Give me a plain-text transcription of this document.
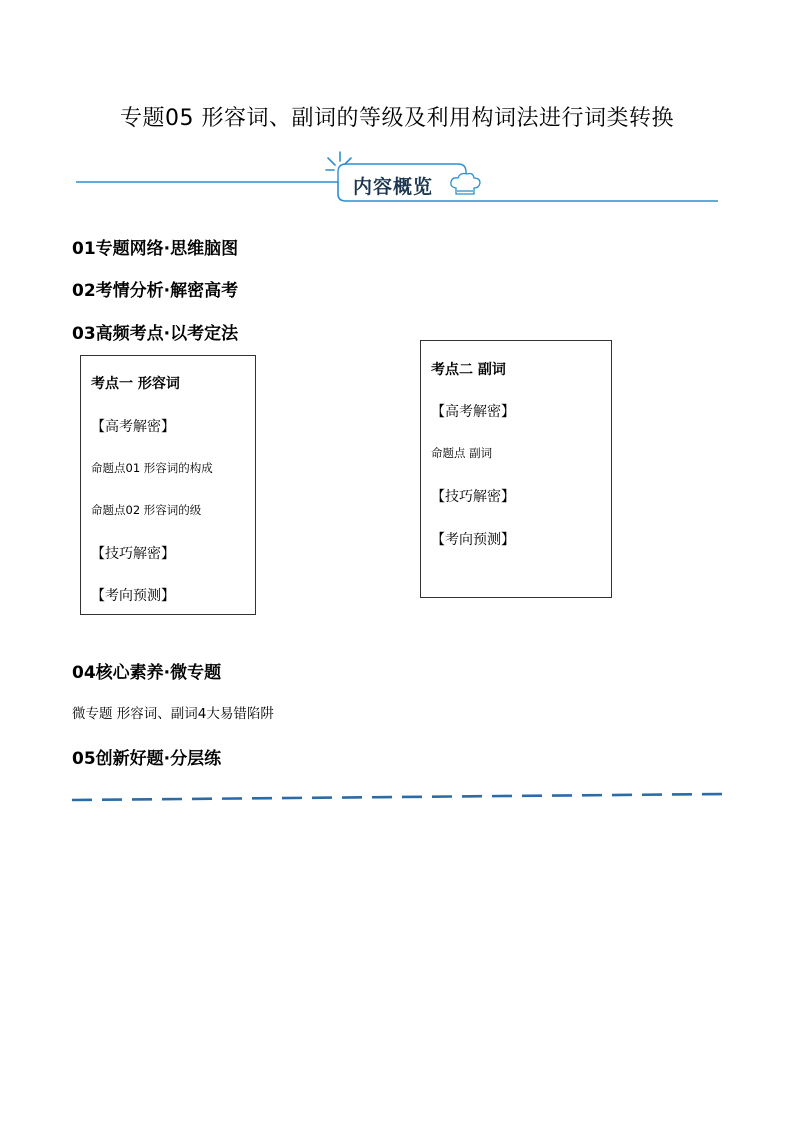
专题05 形容词、副词的等级及利用构词法进行词类转换
内容概览
01专题网络·思维脑图
02考情分析·解密高考
03高频考点·以考定法
考点一 形容词
【高考解密】
命题点01 形容词的构成
命题点02 形容词的级
【技巧解密】
【考向预测】
考点二 副词
【高考解密】
命题点 副词
【技巧解密】
【考向预测】
04核心素养·微专题
微专题 形容词、副词4大易错陷阱
05创新好题·分层练
